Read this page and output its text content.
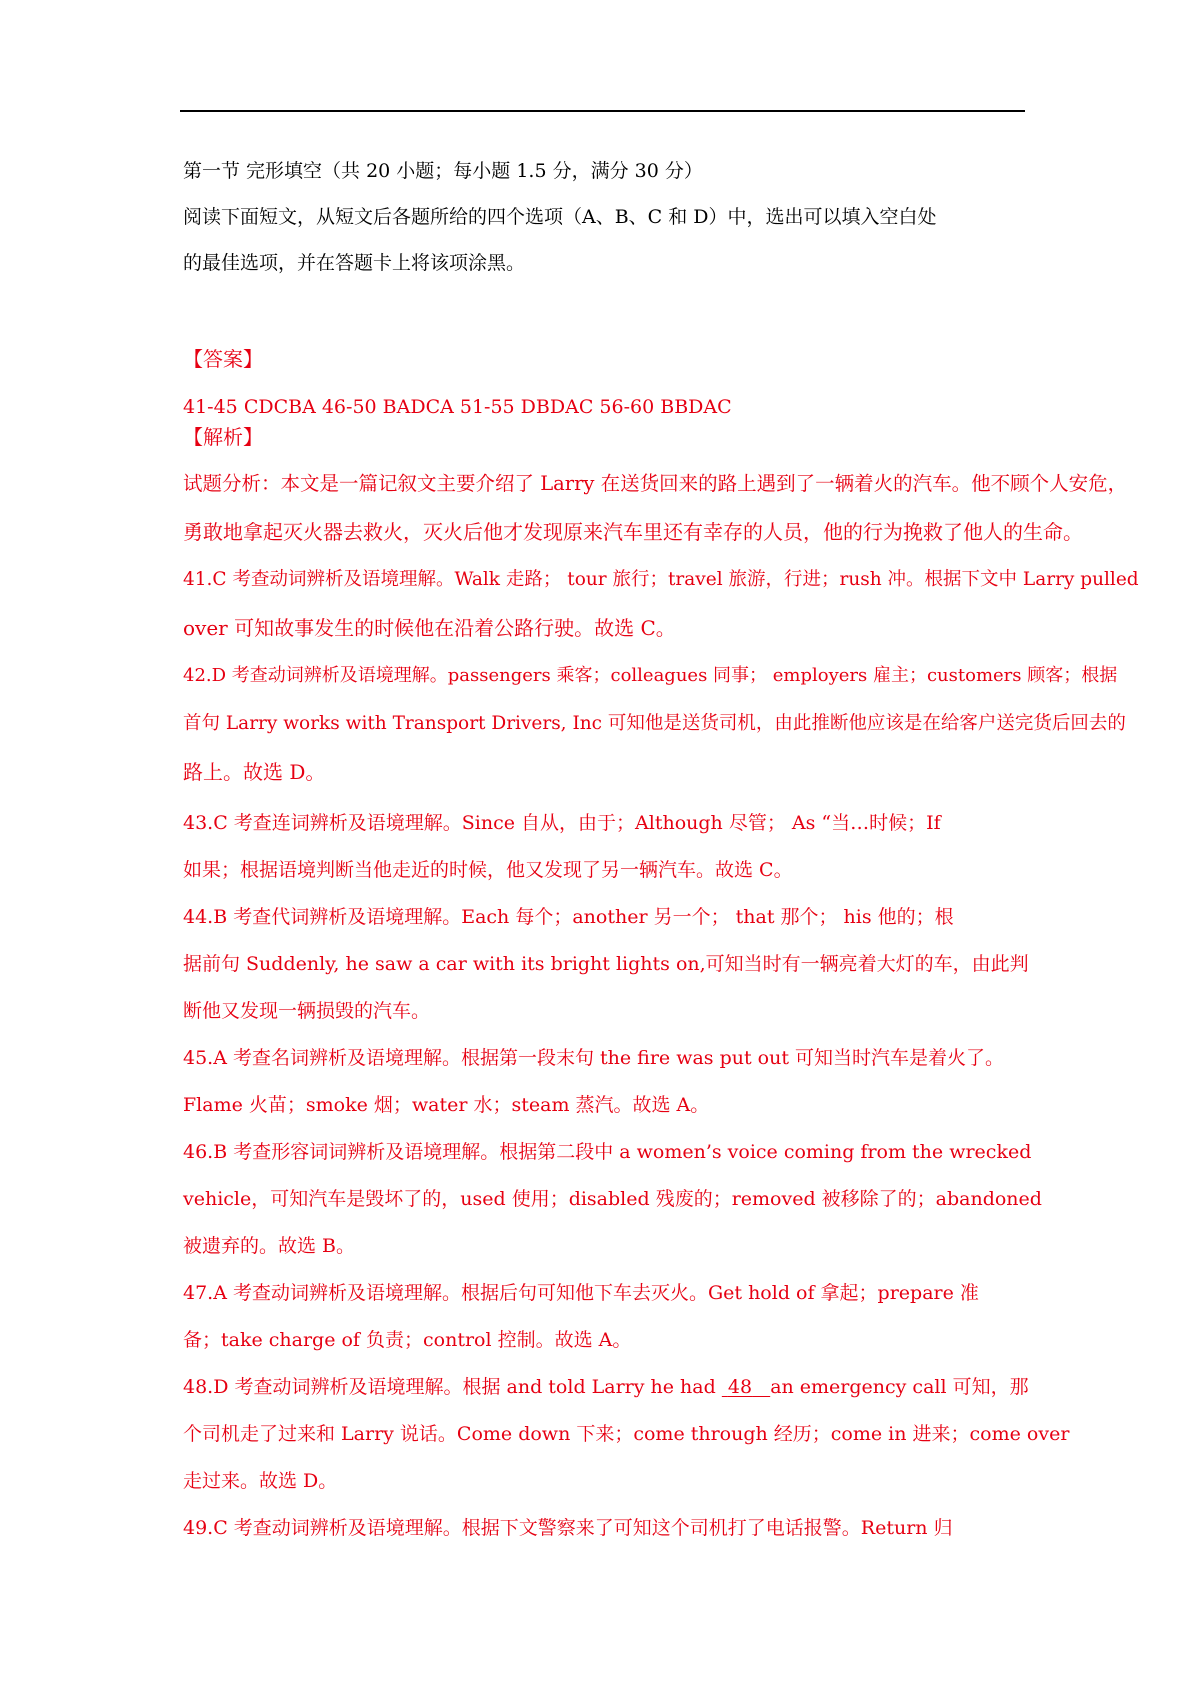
第一节 完形填空（共 20 小题；每小题 1.5 分，满分 30 分）
阅读下面短文，从短文后各题所给的四个选项（A、B、C 和 D）中，选出可以填入空白处
的最佳选项，并在答题卡上将该项涂黑。
【答案】
41-45 CDCBA 46-50 BADCA 51-55 DBDAC 56-60 BBDAC
【解析】
试题分析：本文是一篇记叙文主要介绍了 Larry 在送货回来的路上遇到了一辆着火的汽车。他不顾个人安危，
勇敢地拿起灭火器去救火，灭火后他才发现原来汽车里还有幸存的人员，他的行为挽救了他人的生命。
41.C 考查动词辨析及语境理解。Walk 走路； tour 旅行；travel 旅游，行进；rush 冲。根据下文中 Larry pulled
over 可知故事发生的时候他在沿着公路行驶。故选 C。
42.D 考查动词辨析及语境理解。passengers 乘客；colleagues 同事； employers 雇主；customers 顾客；根据
首句 Larry works with Transport Drivers, Inc 可知他是送货司机，由此推断他应该是在给客户送完货后回去的
路上。故选 D。
43.C 考查连词辨析及语境理解。Since 自从，由于；Although 尽管； As “当…时候；If
如果；根据语境判断当他走近的时候，他又发现了另一辆汽车。故选 C。
44.B 考查代词辨析及语境理解。Each 每个；another 另一个； that 那个； his 他的；根
据前句 Suddenly, he saw a car with its bright lights on,可知当时有一辆亮着大灯的车，由此判
断他又发现一辆损毁的汽车。
45.A 考查名词辨析及语境理解。根据第一段末句 the fire was put out 可知当时汽车是着火了。
Flame 火苗；smoke 烟；water 水；steam 蒸汽。故选 A。
46.B 考查形容词词辨析及语境理解。根据第二段中 a women’s voice coming from the wrecked
vehicle，可知汽车是毁坏了的，used 使用；disabled 残废的；removed 被移除了的；abandoned
被遗弃的。故选 B。
47.A 考查动词辨析及语境理解。根据后句可知他下车去灭火。Get hold of 拿起；prepare 准
备；take charge of 负责；control 控制。故选 A。
48.D 考查动词辨析及语境理解。根据 and told Larry he had  48 an emergency call 可知，那
个司机走了过来和 Larry 说话。Come down 下来；come through 经历；come in 进来；come over
走过来。故选 D。
49.C 考查动词辨析及语境理解。根据下文警察来了可知这个司机打了电话报警。Return 归
